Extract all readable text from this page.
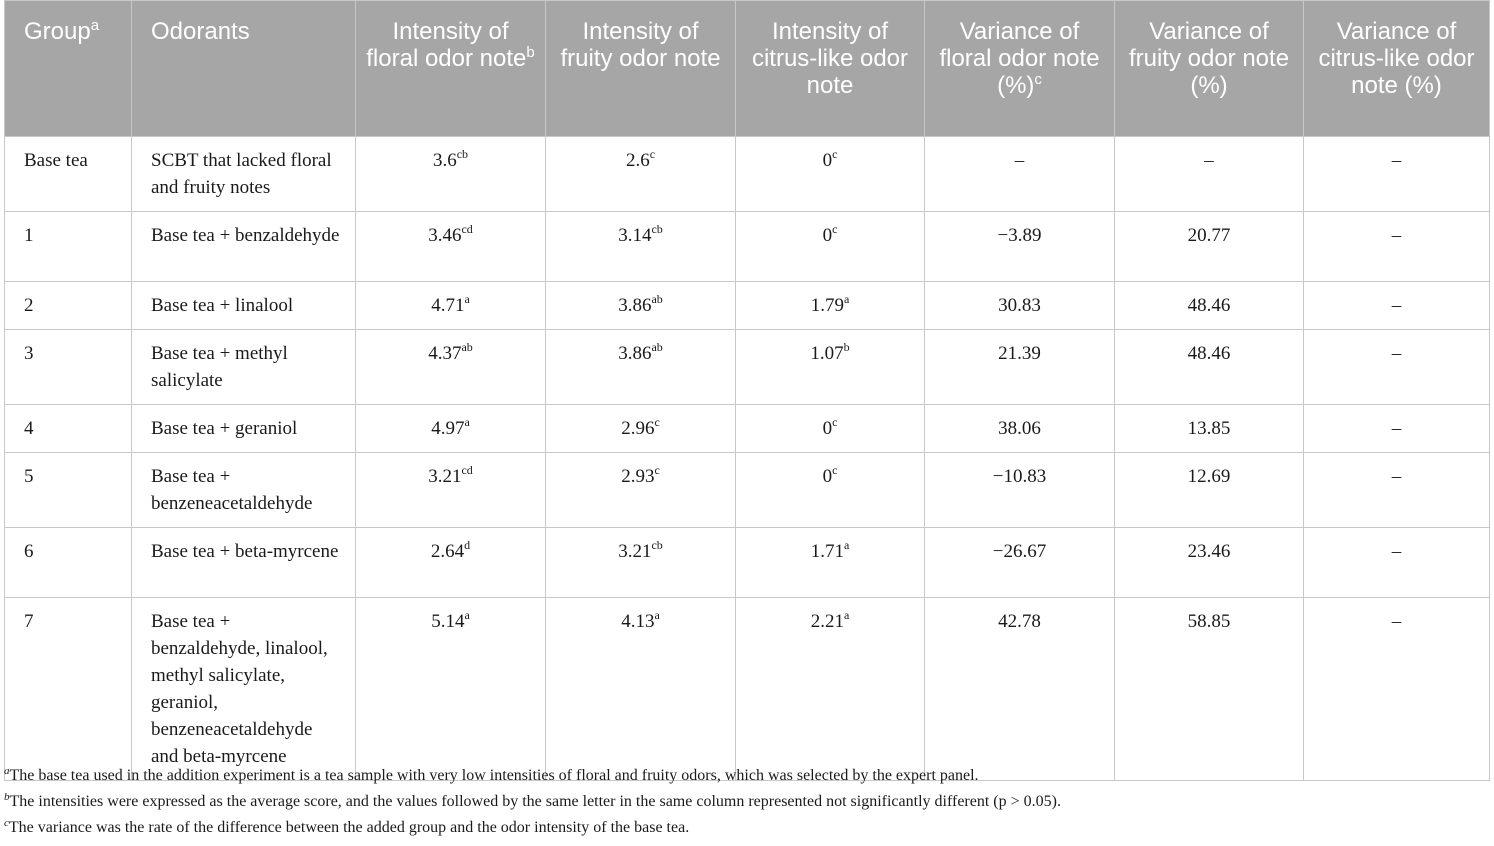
Group$^a$	Odorants	Intensity of floral odor note$^b$	Intensity of fruity odor note	Intensity of citrus-like odor note	Variance of floral odor note (%)$^c$	Variance of fruity odor note (%)	Variance of citrus-like odor note (%)
Base tea	SCBT that lacked floral and fruity notes	3.6$^{cb}$	2.6$^c$	0$^c$	–	–	–
1	Base tea + benzaldehyde	3.46$^{cd}$	3.14$^{cb}$	$0^c$	−3.89	20.77	–
2	Base tea + linalool	4.71$^a$	3.86$^{ab}$	1.79$^a$	30.83	48.46	–
3	Base tea + methyl salicylate	4.37$^{ab}$	3.86$^{ab}$	1.07$^b$	21.39	48.46	–
4	Base tea + geraniol	4.97$^a$	2.96$^c$	0$^c$	38.06	13.85	–
5	Base tea + benzeneacetaldehyde	3.21$^{cd}$	2.93$^c$	$0^c$	−10.83	12.69	–
6	Base tea + beta-myrcene	2.64$^d$	3.21$^{cb}$	1.71$^a$	−26.67	23.46	–
7	Base tea + benzaldehyde, linalool, methyl salicylate, geraniol, benzeneacetaldehyde and beta-myrcene	5.14$^a$	4.13$^a$	2.21$^a$	42.78	58.85	–

$^a$The base tea used in the addition experiment is a tea sample with very low intensities of floral and fruity odors, which was selected by the expert panel.

$^b$The intensities were expressed as the average score, and the values followed by the same letter in the same column represented not significantly different (p > 0.05).

$^c$The variance was the rate of the difference between the added group and the odor intensity of the base tea.
